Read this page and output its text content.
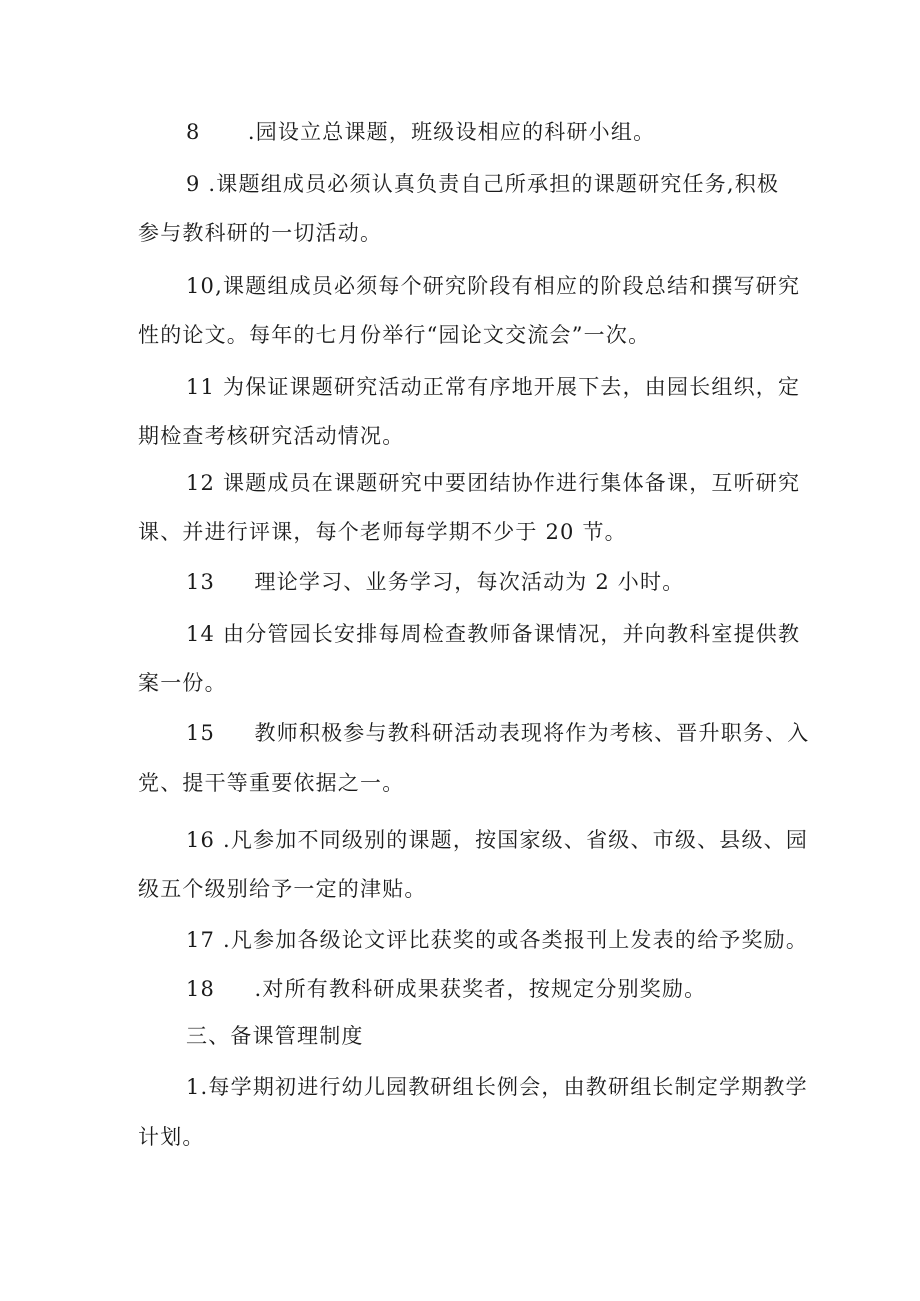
8      .园设立总课题，班级设相应的科研小组。
9 .课题组成员必须认真负责自己所承担的课题研究任务,积极
参与教科研的一切活动。
10,课题组成员必须每个研究阶段有相应的阶段总结和撰写研究
性的论文。每年的七月份举行“园论文交流会”一次。
11 为保证课题研究活动正常有序地开展下去，由园长组织，定
期检查考核研究活动情况。
12 课题成员在课题研究中要团结协作进行集体备课，互听研究
课、并进行评课，每个老师每学期不少于 20 节。
13     理论学习、业务学习，每次活动为 2 小时。
14 由分管园长安排每周检查教师备课情况，并向教科室提供教
案一份。
15     教师积极参与教科研活动表现将作为考核、晋升职务、入
党、提干等重要依据之一。
16 .凡参加不同级别的课题，按国家级、省级、市级、县级、园
级五个级别给予一定的津贴。
17 .凡参加各级论文评比获奖的或各类报刊上发表的给予奖励。
18     .对所有教科研成果获奖者，按规定分别奖励。
三、备课管理制度
1.每学期初进行幼儿园教研组长例会，由教研组长制定学期教学
计划。
